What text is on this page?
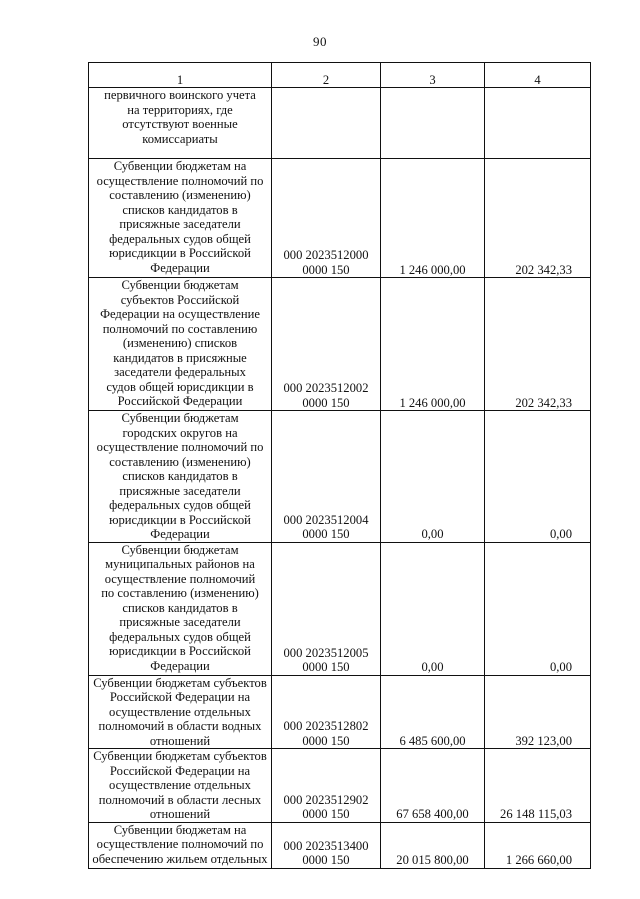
90
1	2	3	4
первичного воинского учета на территориях, где отсутствуют военные комиссариаты	

Субвенции бюджетам на осуществление полномочий по составлению (изменению) списков кандидатов в присяжные заседатели федеральных судов общей юрисдикции в Российской Федерации	000 2023512000
0000 150	1 246 000,00	202 342,33
Субвенции бюджетам субъектов Российской Федерации на осуществление полномочий по составлению (изменению) списков кандидатов в присяжные заседатели федеральных судов общей юрисдикции в Российской Федерации	000 2023512002
0000 150	1 246 000,00	202 342,33
Субвенции бюджетам городских округов на осуществление полномочий по составлению (изменению) списков кандидатов в присяжные заседатели федеральных судов общей юрисдикции в Российской Федерации	000 2023512004
0000 150	0,00	0,00
Субвенции бюджетам муниципальных районов на осуществление полномочий по составлению (изменению) списков кандидатов в присяжные заседатели федеральных судов общей юрисдикции в Российской Федерации	000 2023512005
0000 150	0,00	0,00
Субвенции бюджетам субъектов Российской Федерации на осуществление отдельных полномочий в области водных отношений	000 2023512802
0000 150	6 485 600,00	392 123,00
Субвенции бюджетам субъектов Российской Федерации на осуществление отдельных полномочий в области лесных отношений	000 2023512902
0000 150	67 658 400,00	26 148 115,03
Субвенции бюджетам на осуществление полномочий по обеспечению жильем отдельных	000 2023513400
0000 150	20 015 800,00	1 266 660,00
